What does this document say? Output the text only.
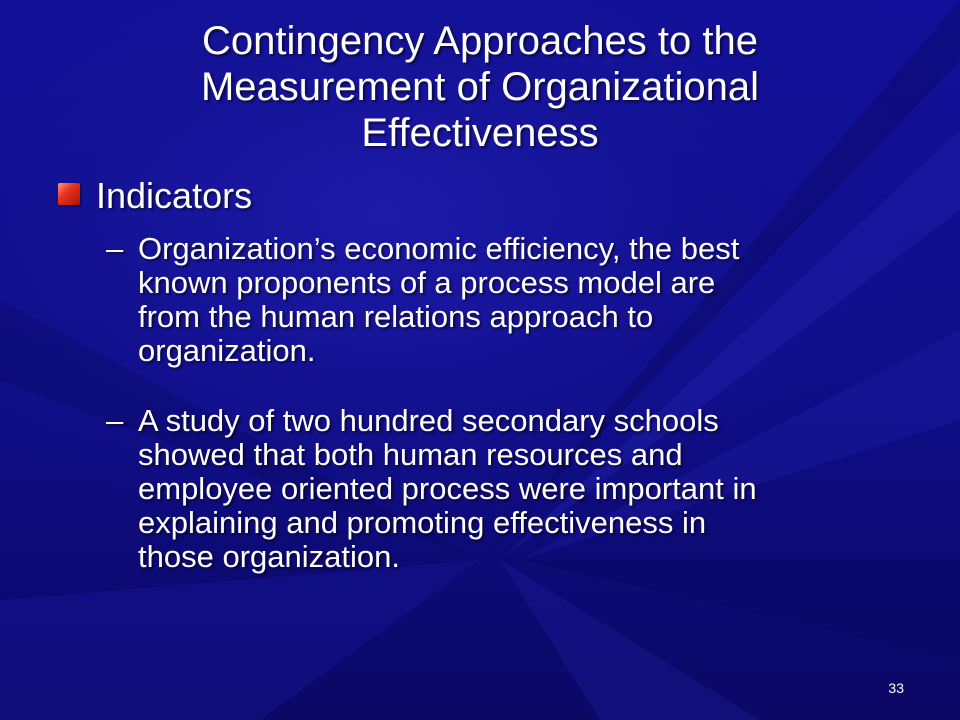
Contingency Approaches to the
Measurement of Organizational
Effectiveness
Indicators
– Organization’s economic efficiency, the best
known proponents of a process model are
from the human relations approach to
organization.
– A study of two hundred secondary schools
showed that both human resources and
employee oriented process were important in
explaining and promoting effectiveness in
those organization.
33
